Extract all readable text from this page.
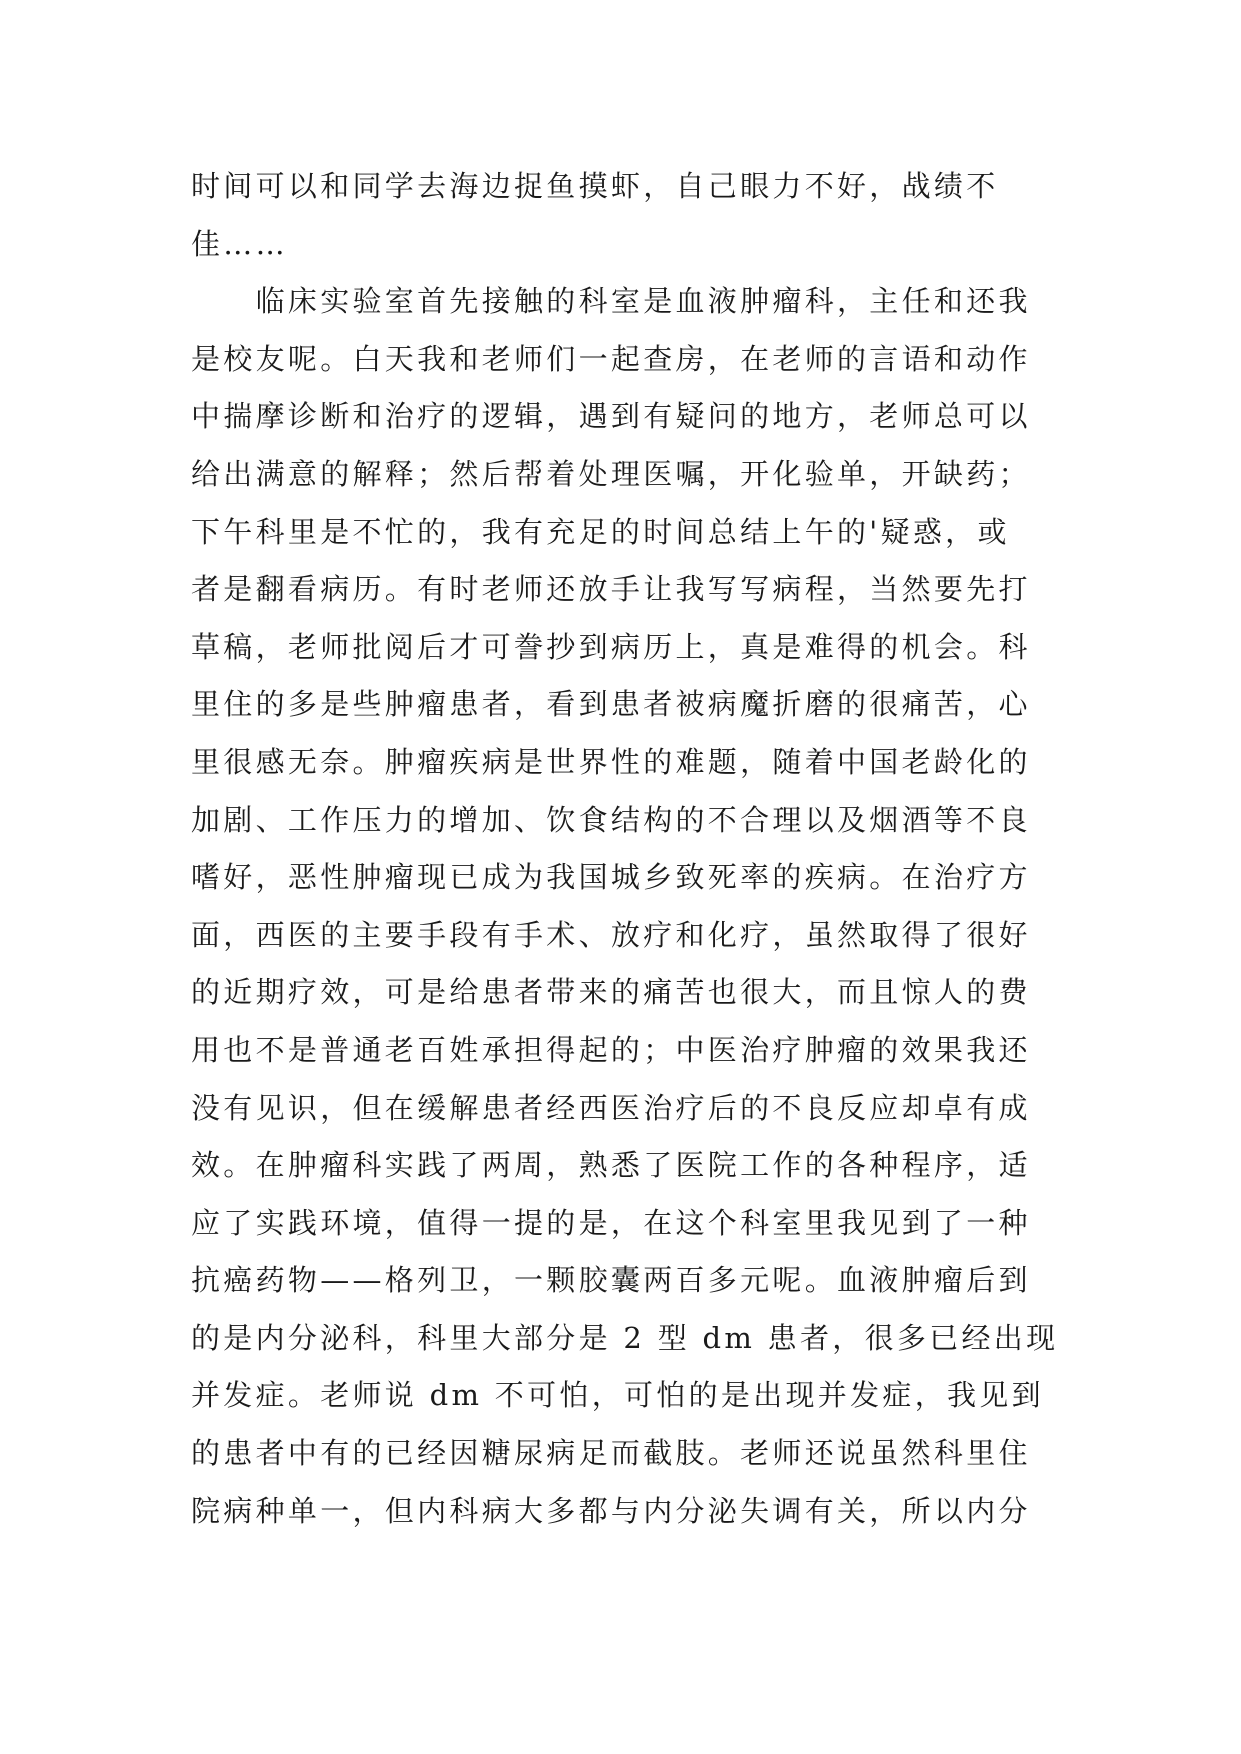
时间可以和同学去海边捉鱼摸虾，自己眼力不好，战绩不
佳……
　　临床实验室首先接触的科室是血液肿瘤科，主任和还我
是校友呢。白天我和老师们一起查房，在老师的言语和动作
中揣摩诊断和治疗的逻辑，遇到有疑问的地方，老师总可以
给出满意的解释；然后帮着处理医嘱，开化验单，开缺药；
下午科里是不忙的，我有充足的时间总结上午的'疑惑，或
者是翻看病历。有时老师还放手让我写写病程，当然要先打
草稿，老师批阅后才可誊抄到病历上，真是难得的机会。科
里住的多是些肿瘤患者，看到患者被病魔折磨的很痛苦，心
里很感无奈。肿瘤疾病是世界性的难题，随着中国老龄化的
加剧、工作压力的增加、饮食结构的不合理以及烟酒等不良
嗜好，恶性肿瘤现已成为我国城乡致死率的疾病。在治疗方
面，西医的主要手段有手术、放疗和化疗，虽然取得了很好
的近期疗效，可是给患者带来的痛苦也很大，而且惊人的费
用也不是普通老百姓承担得起的；中医治疗肿瘤的效果我还
没有见识，但在缓解患者经西医治疗后的不良反应却卓有成
效。在肿瘤科实践了两周，熟悉了医院工作的各种程序，适
应了实践环境，值得一提的是，在这个科室里我见到了一种
抗癌药物——格列卫，一颗胶囊两百多元呢。血液肿瘤后到
的是内分泌科，科里大部分是 2 型 dm 患者，很多已经出现
并发症。老师说 dm 不可怕，可怕的是出现并发症，我见到
的患者中有的已经因糖尿病足而截肢。老师还说虽然科里住
院病种单一，但内科病大多都与内分泌失调有关，所以内分
